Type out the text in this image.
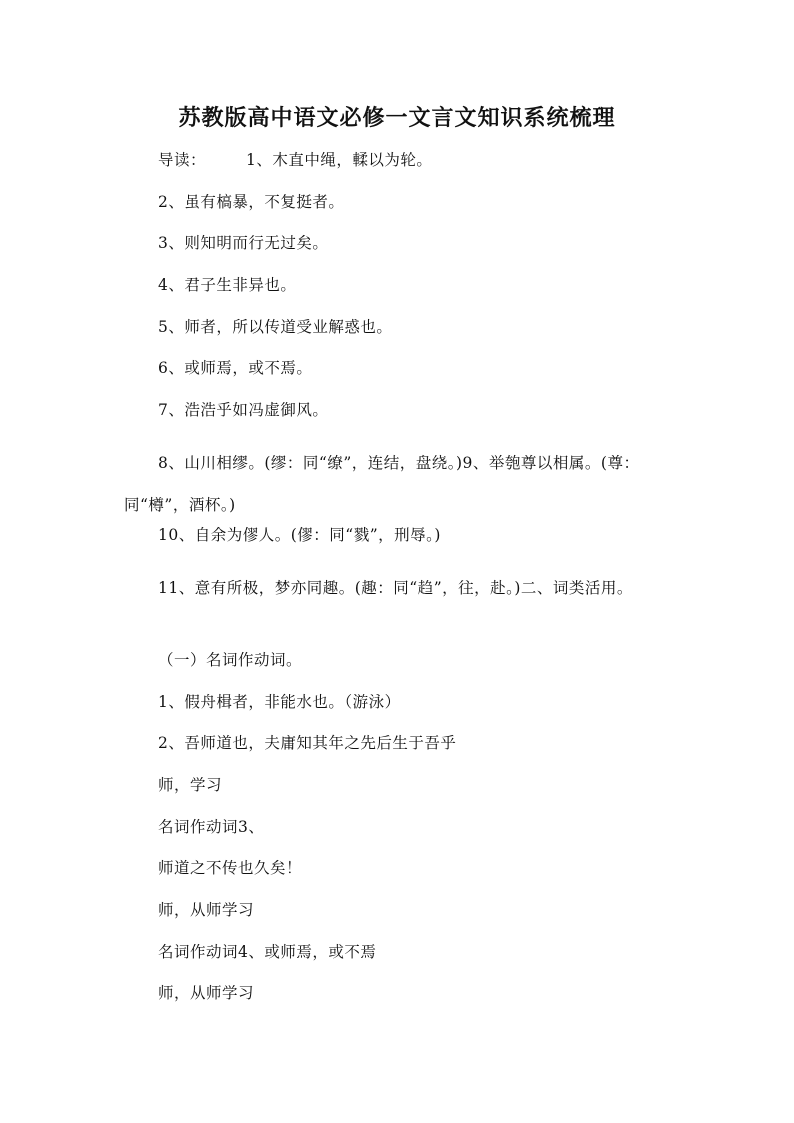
苏教版高中语文必修一文言文知识系统梳理

导读：	1、木直中绳，輮以为轮。

2、虽有槁暴，不复挺者。

3、则知明而行无过矣。

4、君子生非异也。

5、师者，所以传道受业解惑也。

6、或师焉，或不焉。

7、浩浩乎如冯虚御风。

8、山川相缪。(缪：同“缭”，连结，盘绕。)9、举匏尊以相属。(尊：同“樽”，酒杯。)

10、自余为僇人。(僇：同“戮”，刑辱。)

11、意有所极，梦亦同趣。(趣：同“趋”，往，赴。)二、词类活用。

（一）名词作动词。

1、假舟楫者，非能水也。（游泳）

2、吾师道也，夫庸知其年之先后生于吾乎

师，学习

名词作动词3、

师道之不传也久矣！

师，从师学习

名词作动词4、或师焉，或不焉

师，从师学习
